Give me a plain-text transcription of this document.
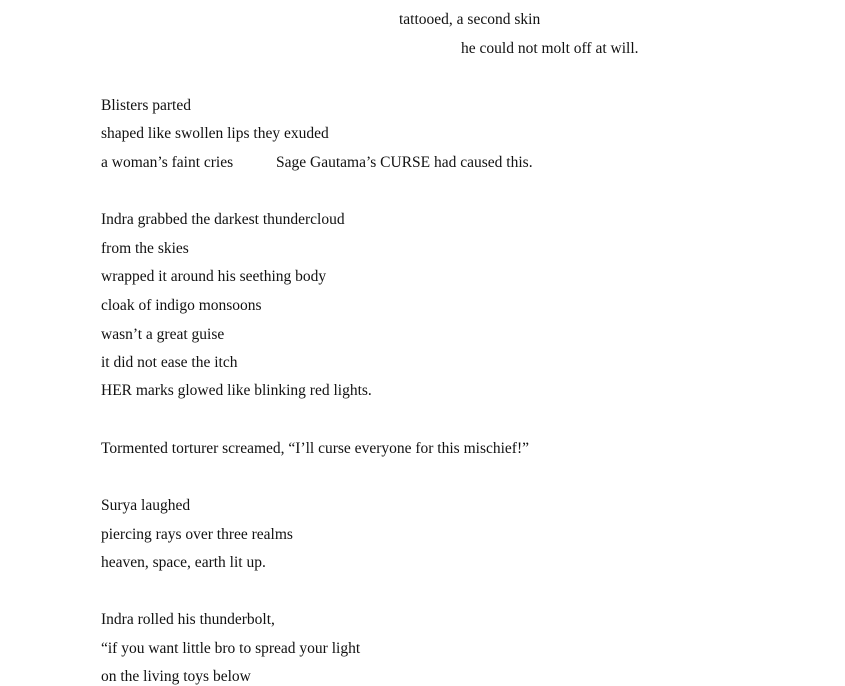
tattooed, a second skin
he could not molt off at will.
Blisters parted
shaped like swollen lips they exuded
a woman’s faint cries	Sage Gautama’s CURSE had caused this.
Indra grabbed the darkest thundercloud
from the skies
wrapped it around his seething body
cloak of indigo monsoons
wasn’t a great guise
it did not ease the itch
HER marks glowed like blinking red lights.
Tormented torturer screamed, “I’ll curse everyone for this mischief!”
Surya laughed
piercing rays over three realms
heaven, space, earth lit up.
Indra rolled his thunderbolt,
“if you want little bro to spread your light
on the living toys below
